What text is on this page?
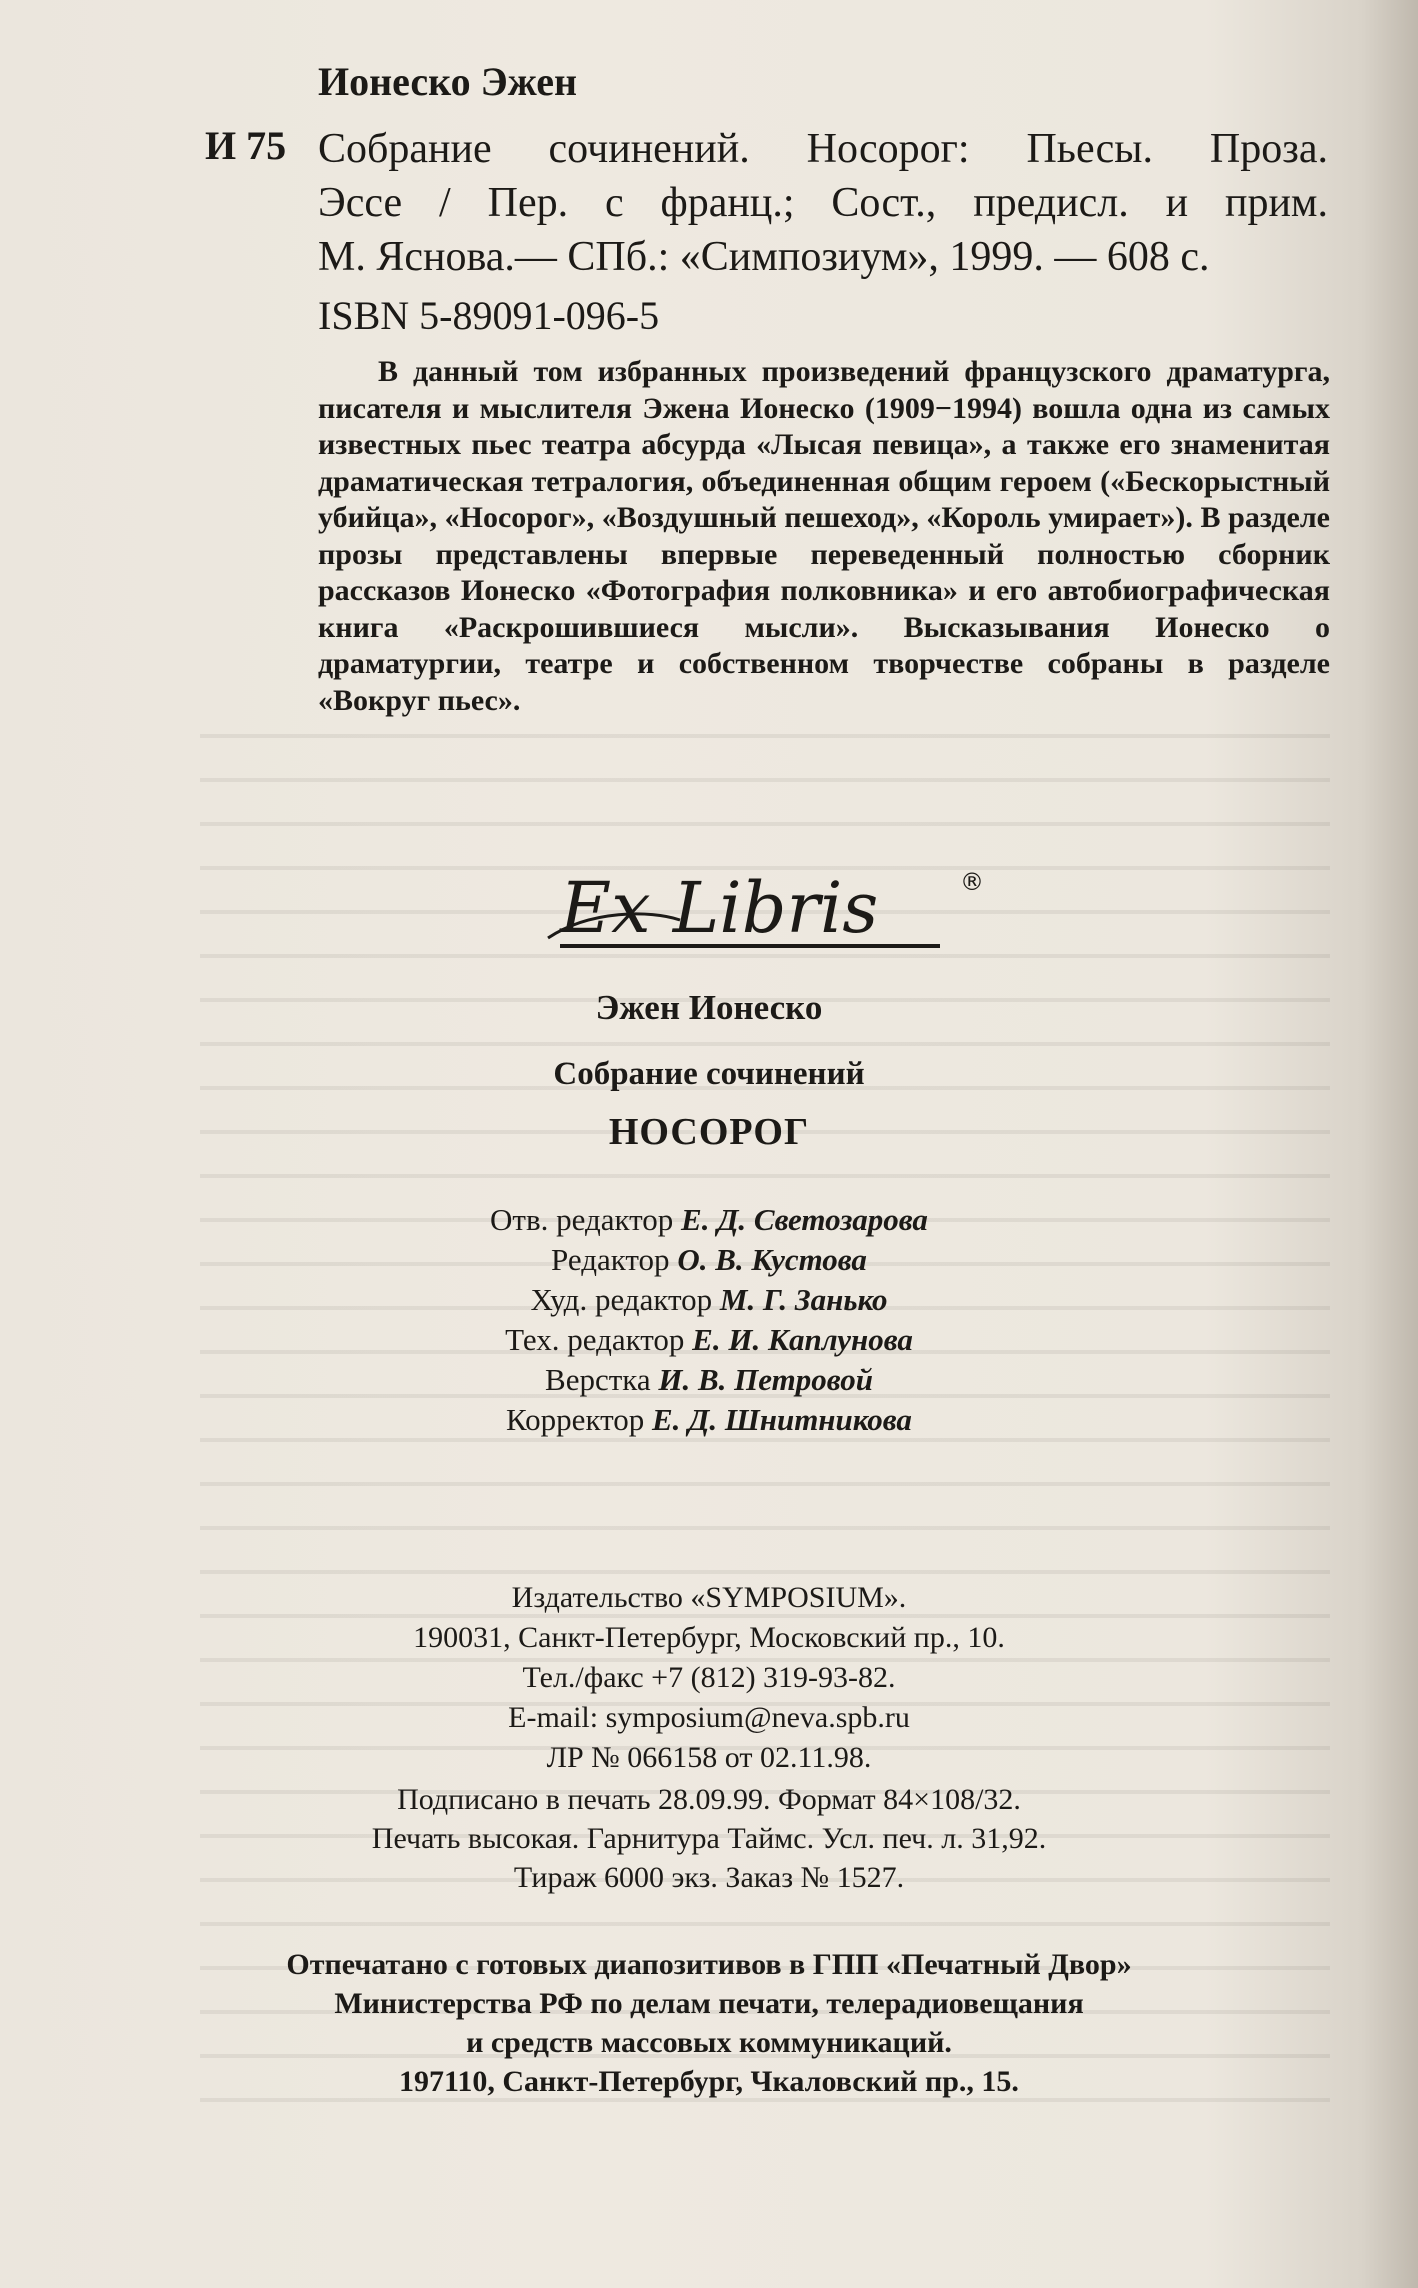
Ионеско Эжен
И 75 Собрание сочинений. Носорог: Пьесы. Проза.
Эссе / Пер. с франц.; Сост., предисл. и прим.
М. Яснова.— СПб.: «Симпозиум», 1999. — 608 с.
ISBN 5-89091-096-5

В данный том избранных произведений французского драматурга, писателя и мыслителя Эжена Ионеско (1909−1994) вошла одна из самых известных пьес театра абсурда «Лысая певица», а также его знаменитая драматическая тетралогия, объединенная общим героем («Бескорыстный убийца», «Носорог», «Воздушный пешеход», «Король умирает»). В разделе прозы представлены впервые переведенный полностью сборник рассказов Ионеско «Фотография полковника» и его автобиографическая книга «Раскрошившиеся мысли». Высказывания Ионеско о драматургии, театре и собственном творчестве собраны в разделе «Вокруг пьес».

Ex Libris	®
Эжен Ионеско
Собрание сочинений
НОСОРОГ
Отв. редактор Е. Д. Светозарова
Редактор О. В. Кустова
Худ. редактор М. Г. Занько
Тех. редактор Е. И. Каплунова
Верстка И. В. Петровой
Корректор Е. Д. Шнитникова
Издательство «SYMPOSIUM».
190031, Санкт-Петербург, Московский пр., 10.
Тел./факс +7 (812) 319-93-82.
E-mail: symposium@neva.spb.ru
ЛР № 066158 от 02.11.98.
Подписано в печать 28.09.99. Формат 84×108/32.
Печать высокая. Гарнитура Таймс. Усл. печ. л. 31,92.
Тираж 6000 экз. Заказ № 1527.
Отпечатано с готовых диапозитивов в ГПП «Печатный Двор»
Министерства РФ по делам печати, телерадиовещания
и средств массовых коммуникаций.
197110, Санкт-Петербург, Чкаловский пр., 15.
